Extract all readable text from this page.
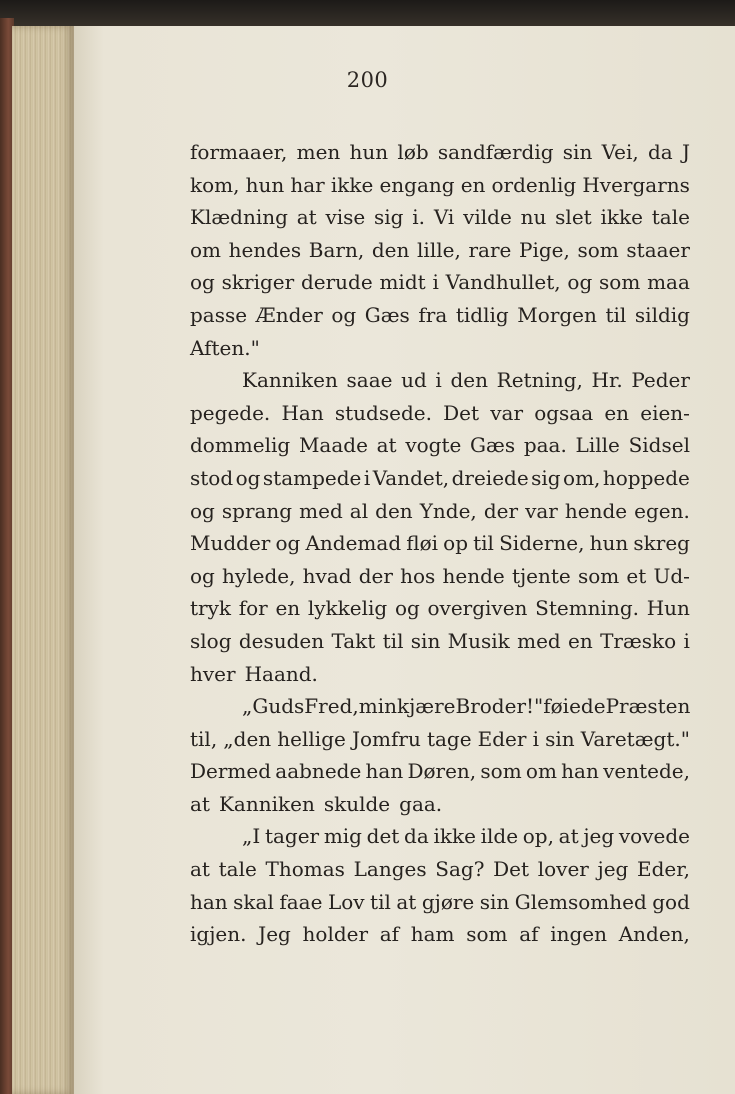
200
formaaer, men hun løb sandfærdig sin Vei, da J
kom, hun har ikke engang en ordenlig Hvergarns
Klædning at vise sig i. Vi vilde nu slet ikke tale
om hendes Barn, den lille, rare Pige, som staaer
og skriger derude midt i Vandhullet, og som maa
passe Ænder og Gæs fra tidlig Morgen til sildig
Aften."
Kanniken saae ud i den Retning, Hr. Peder
pegede. Han studsede. Det var ogsaa en eien-
dommelig Maade at vogte Gæs paa. Lille Sidsel
stod og stampede i Vandet, dreiede sig om, hoppede
og sprang med al den Ynde, der var hende egen.
Mudder og Andemad fløi op til Siderne, hun skreg
og hylede, hvad der hos hende tjente som et Ud-
tryk for en lykkelig og overgiven Stemning. Hun
slog desuden Takt til sin Musik med en Træsko i
hver Haand.
„Guds Fred, min kjære Broder!" føiede Præsten
til, „den hellige Jomfru tage Eder i sin Varetægt."
Dermed aabnede han Døren, som om han ventede,
at Kanniken skulde gaa.
„I tager mig det da ikke ilde op, at jeg vovede
at tale Thomas Langes Sag? Det lover jeg Eder,
han skal faae Lov til at gjøre sin Glemsomhed god
igjen. Jeg holder af ham som af ingen Anden,
